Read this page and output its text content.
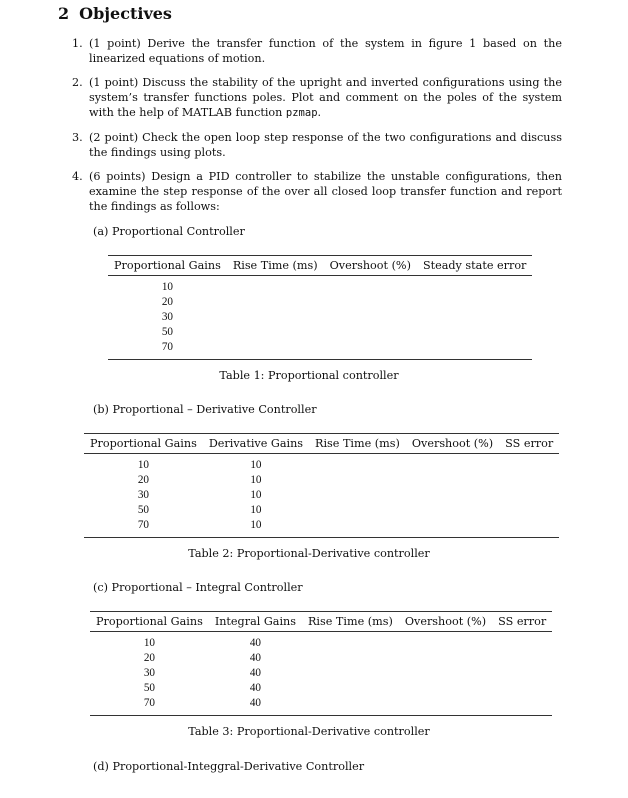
2 Objectives
1. (1 point) Derive the transfer function of the system in figure 1 based on the linearized equations of motion.
2. (1 point) Discuss the stability of the upright and inverted configurations using the system’s transfer functions poles. Plot and comment on the poles of the system with the help of MATLAB function pzmap.
3. (2 point) Check the open loop step response of the two configurations and discuss the findings using plots.
4. (6 points) Design a PID controller to stabilize the unstable configurations, then examine the step response of the over all closed loop transfer function and report the findings as follows:
(a) Proportional Controller
Proportional Gains	Rise Time (ms)	Overshoot (%)	Steady state error
10			
20			
30			
50			
70			
Table 1: Proportional controller
(b) Proportional – Derivative Controller
Proportional Gains	Derivative Gains	Rise Time (ms)	Overshoot (%)	SS error
10	10			
20	10			
30	10			
50	10			
70	10			
Table 2: Proportional-Derivative controller
(c) Proportional – Integral Controller
Proportional Gains	Integral Gains	Rise Time (ms)	Overshoot (%)	SS error
10	40			
20	40			
30	40			
50	40			
70	40			
Table 3: Proportional-Derivative controller
(d) Proportional-Integgral-Derivative Controller
